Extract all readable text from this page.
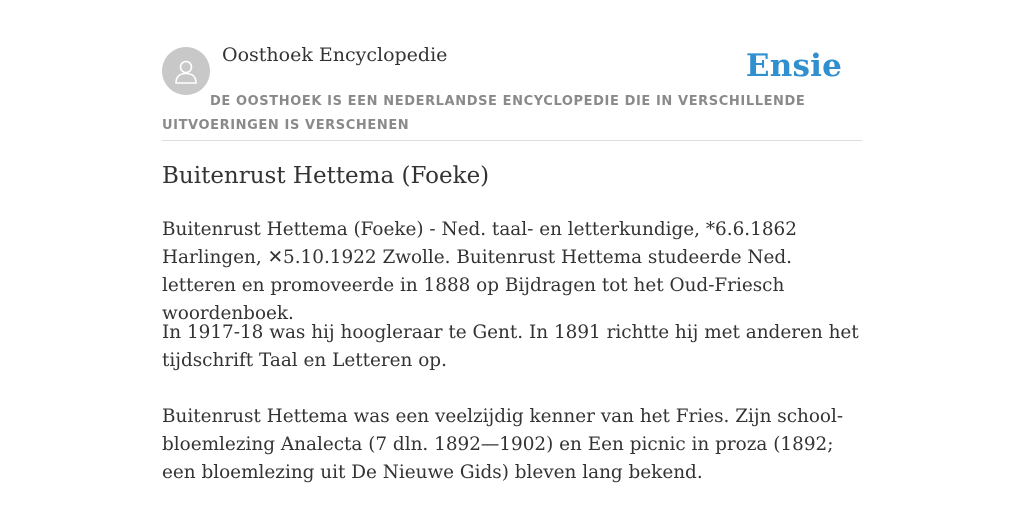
Oosthoek Encyclopedie	Ensie
DE OOSTHOEK IS EEN NEDERLANDSE ENCYCLOPEDIE DIE IN VERSCHILLENDE UITVOERINGEN IS VERSCHENEN
Buitenrust Hettema (Foeke)

Buitenrust Hettema (Foeke) - Ned. taal- en letterkundige, *6.6.1862 Harlingen, ✕5.10.1922 Zwolle. Buitenrust Hettema studeerde Ned. letteren en promoveerde in 1888 op Bijdragen tot het Oud-Friesch woordenboek.

In 1917-18 was hij hoogleraar te Gent. In 1891 richtte hij met anderen het tijdschrift Taal en Letteren op.

Buitenrust Hettema was een veelzijdig kenner van het Fries. Zijn school-bloemlezing Analecta (7 dln. 1892—1902) en Een picnic in proza (1892; een bloemlezing uit De Nieuwe Gids) bleven lang bekend.
